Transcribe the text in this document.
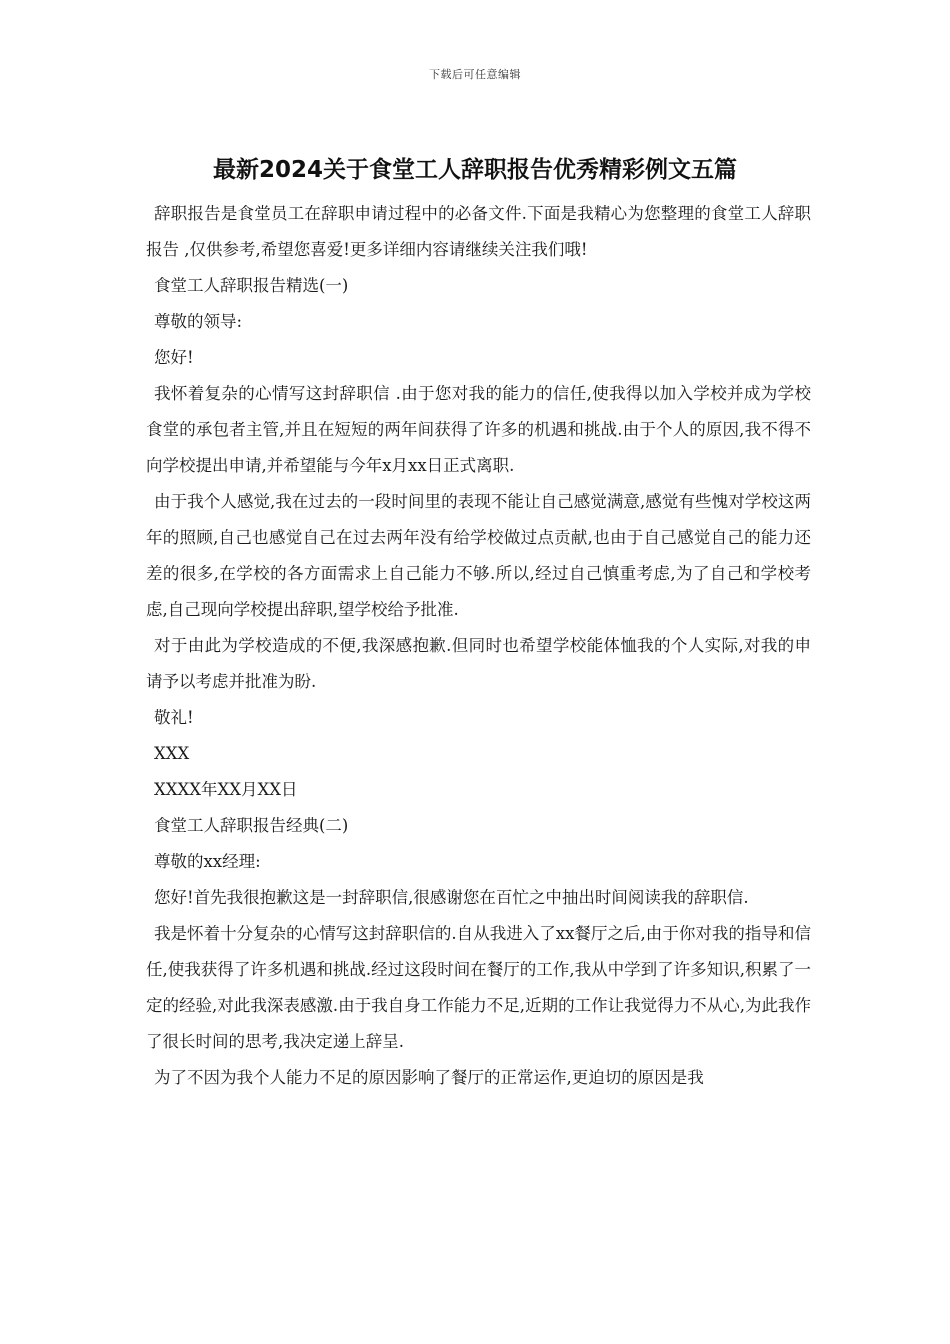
下载后可任意编辑
最新2024关于食堂工人辞职报告优秀精彩例文五篇

辞职报告是食堂员工在辞职申请过程中的必备文件.下面是我精心为您整理的食堂工人辞职报告 ,仅供参考,希望您喜爱!更多详细内容请继续关注我们哦!

食堂工人辞职报告精选(一)

尊敬的领导:

您好!

我怀着复杂的心情写这封辞职信 .由于您对我的能力的信任,使我得以加入学校并成为学校食堂的承包者主管,并且在短短的两年间获得了许多的机遇和挑战.由于个人的原因,我不得不向学校提出申请,并希望能与今年x月xx日正式离职.

由于我个人感觉,我在过去的一段时间里的表现不能让自己感觉满意,感觉有些愧对学校这两年的照顾,自己也感觉自己在过去两年没有给学校做过点贡献,也由于自己感觉自己的能力还差的很多,在学校的各方面需求上自己能力不够.所以,经过自己慎重考虑,为了自己和学校考虑,自己现向学校提出辞职,望学校给予批准.

对于由此为学校造成的不便,我深感抱歉.但同时也希望学校能体恤我的个人实际,对我的申请予以考虑并批准为盼.

敬礼!

XXX

XXXX年XX月XX日

食堂工人辞职报告经典(二)

尊敬的xx经理:

您好!首先我很抱歉这是一封辞职信,很感谢您在百忙之中抽出时间阅读我的辞职信.

我是怀着十分复杂的心情写这封辞职信的.自从我进入了xx餐厅之后,由于你对我的指导和信任,使我获得了许多机遇和挑战.经过这段时间在餐厅的工作,我从中学到了许多知识,积累了一定的经验,对此我深表感激.由于我自身工作能力不足,近期的工作让我觉得力不从心,为此我作了很长时间的思考,我决定递上辞呈.

为了不因为我个人能力不足的原因影响了餐厅的正常运作,更迫切的原因是我
